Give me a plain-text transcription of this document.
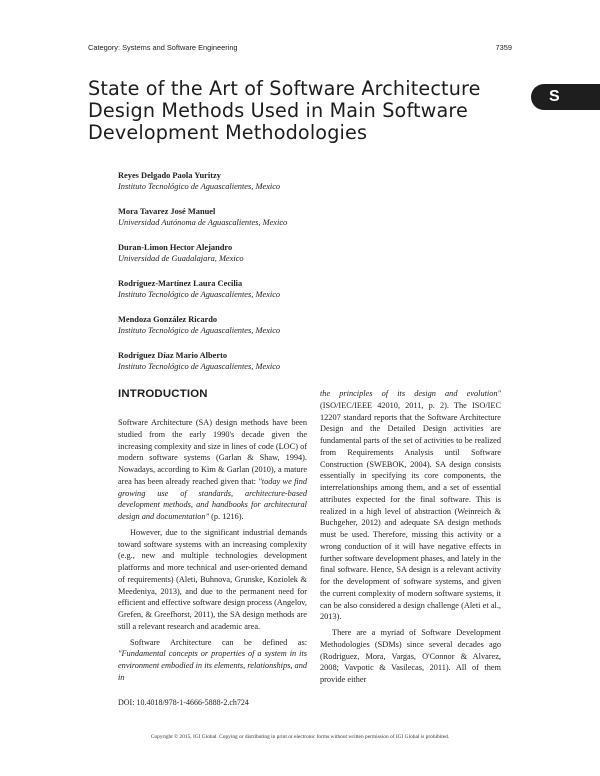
Category: Systems and Software Engineering	7359
S
State of the Art of Software Architecture
Design Methods Used in Main Software
Development Methodologies
Reyes Delgado Paola Yuritzy
Instituto Tecnológico de Aguascalientes, Mexico
Mora Tavarez José Manuel
Universidad Autónoma de Aguascalientes, Mexico
Duran-Limon Hector Alejandro
Universidad de Guadalajara, Mexico
Rodríguez-Martínez Laura Cecilia
Instituto Tecnológico de Aguascalientes, Mexico
Mendoza González Ricardo
Instituto Tecnológico de Aguascalientes, Mexico
Rodríguez Díaz Mario Alberto
Instituto Tecnológico de Aguascalientes, Mexico
INTRODUCTION

Software Architecture (SA) design methods have been studied from the early 1990's decade given the increasing complexity and size in lines of code (LOC) of modern software systems (Garlan & Shaw, 1994). Nowadays, according to Kim & Garlan (2010), a mature area has been already reached given that: "today we find growing use of standards, architecture-based development methods, and handbooks for architectural design and documentation" (p. 1216).

However, due to the significant industrial demands toward software systems with an increasing complexity (e.g., new and multiple technologies development platforms and more technical and user-oriented demand of requirements) (Aleti, Buhnova, Grunske, Koziolek & Meedeniya, 2013), and due to the permanent need for efficient and effective software design process (Angelov, Grefen, & Greefhorst, 2011), the SA design methods are still a relevant research and academic area.

Software Architecture can be defined as: "Fundamental concepts or properties of a system in its environment embodied in its elements, relationships, and in

the principles of its design and evolution" (ISO/IEC/IEEE 42010, 2011, p. 2). The ISO/IEC 12207 standard reports that the Software Architecture Design and the Detailed Design activities are fundamental parts of the set of activities to be realized from Requirements Analysis until Software Construction (SWEBOK, 2004). SA design consists essentially in specifying its core components, the interrelationships among them, and a set of essential attributes expected for the final software. This is realized in a high level of abstraction (Weinreich & Buchgeher, 2012) and adequate SA design methods must be used. Therefore, missing this activity or a wrong conduction of it will have negative effects in further software development phases, and lately in the final software. Hence, SA design is a relevant activity for the development of software systems, and given the current complexity of modern software systems, it can be also considered a design challenge (Aleti et al., 2013).

There are a myriad of Software Development Methodologies (SDMs) since several decades ago (Rodriguez, Mora, Vargas, O'Connor & Alvarez, 2008; Vavpotic & Vasilecas, 2011). All of them provide either

DOI: 10.4018/978-1-4666-5888-2.ch724
Copyright © 2015, IGI Global. Copying or distributing in print or electronic forms without written permission of IGI Global is prohibited.
